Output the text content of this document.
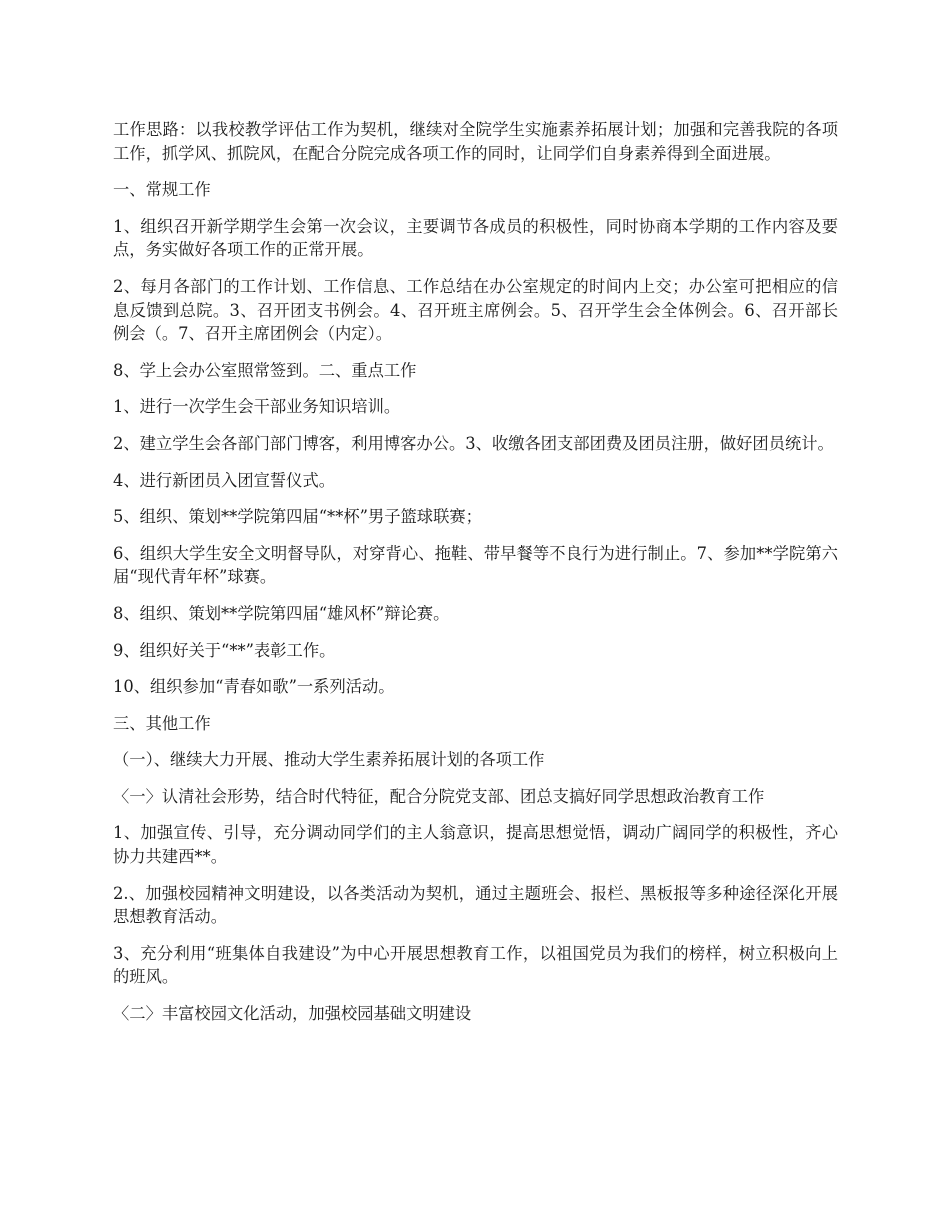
工作思路：以我校教学评估工作为契机，继续对全院学生实施素养拓展计划；加强和完善我院的各项工作，抓学风、抓院风，在配合分院完成各项工作的同时，让同学们自身素养得到全面进展。

一、常规工作

1、组织召开新学期学生会第一次会议，主要调节各成员的积极性，同时协商本学期的工作内容及要点，务实做好各项工作的正常开展。

2、每月各部门的工作计划、工作信息、工作总结在办公室规定的时间内上交；办公室可把相应的信息反馈到总院。3、召开团支书例会。4、召开班主席例会。5、召开学生会全体例会。6、召开部长例会（。7、召开主席团例会（内定）。

8、学上会办公室照常签到。二、重点工作

1、进行一次学生会干部业务知识培训。

2、建立学生会各部门部门博客，利用博客办公。3、收缴各团支部团费及团员注册，做好团员统计。

4、进行新团员入团宣誓仪式。

5、组织、策划**学院第四届“**杯”男子篮球联赛；

6、组织大学生安全文明督导队，对穿背心、拖鞋、带早餐等不良行为进行制止。7、参加**学院第六届“现代青年杯”球赛。

8、组织、策划**学院第四届“雄风杯”辩论赛。

9、组织好关于“**”表彰工作。

10、组织参加“青春如歌”一系列活动。

三、其他工作

（一）、继续大力开展、推动大学生素养拓展计划的各项工作

〈一〉认清社会形势，结合时代特征，配合分院党支部、团总支搞好同学思想政治教育工作

1、加强宣传、引导，充分调动同学们的主人翁意识，提高思想觉悟，调动广阔同学的积极性，齐心协力共建西**。

2.、加强校园精神文明建设，以各类活动为契机，通过主题班会、报栏、黑板报等多种途径深化开展思想教育活动。

3、充分利用“班集体自我建设”为中心开展思想教育工作，以祖国党员为我们的榜样，树立积极向上的班风。

〈二〉丰富校园文化活动，加强校园基础文明建设
